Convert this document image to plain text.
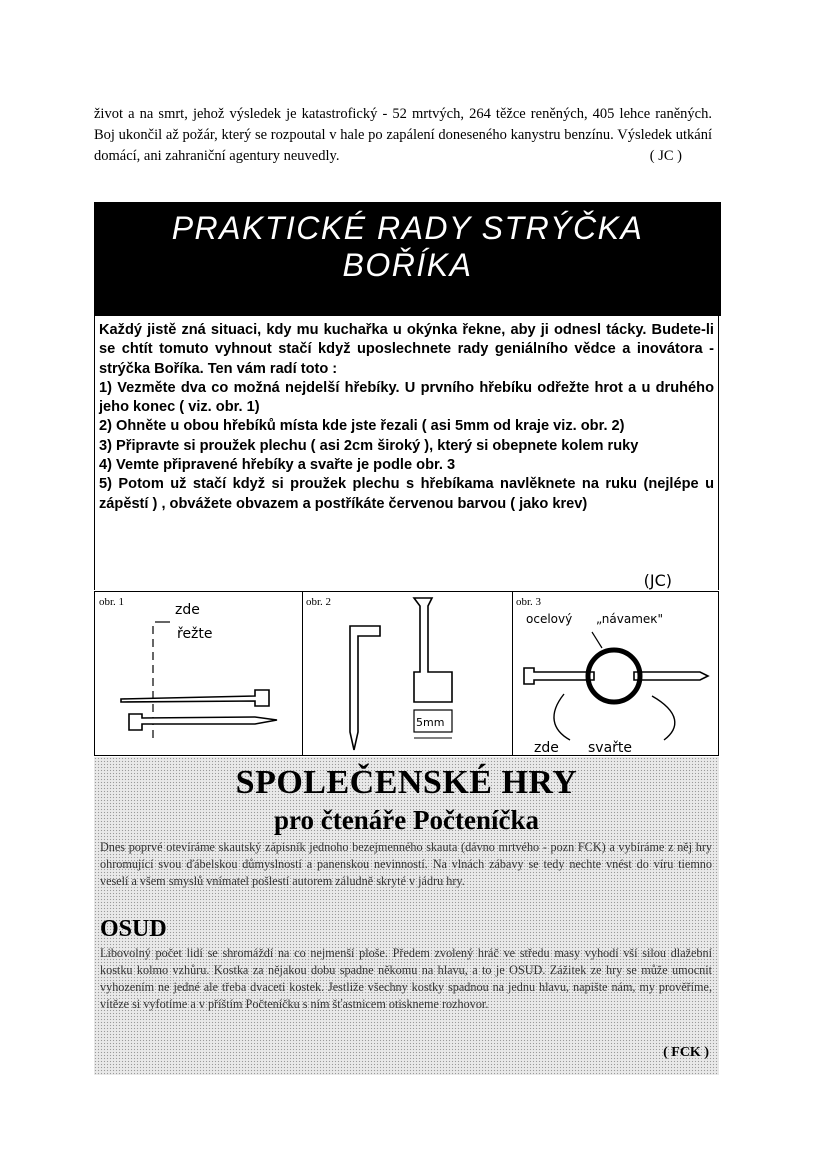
život a na smrt, jehož výsledek je katastrofický - 52 mrtvých, 264 těžce reněných, 405 lehce raněných. Boj ukončil až požár, který se rozpoutal v hale po zapálení doneseného kanystru benzínu. Výsledek utkání domácí, ani zahraniční agentury neuvedly.	( JC )
PRAKTICKÉ RADY STRÝČKA
BOŘÍKA

Každý jistě zná situaci, kdy mu kuchařka u okýnka řekne, aby ji odnesl tácky. Budete-li se chtít tomuto vyhnout stačí když uposlechnete rady geniálního vědce a inovátora - strýčka Boříka. Ten vám radí toto :

1) Vezměte dva co možná nejdelší hřebíky. U prvního hřebíku odřežte hrot a u druhého jeho konec ( viz. obr. 1)

2) Ohněte u obou hřebíků místa kde jste řezali ( asi 5mm od kraje viz. obr. 2)

3) Připravte si proužek plechu ( asi 2cm široký ), který si obepnete kolem ruky

4) Vemte připravené hřebíky a svařte je podle obr. 3

5) Potom už stačí když si proužek plechu s hřebíkama navlěknete na ruku (nejlépe u zápěstí ) , obvážete obvazem a postříkáte červenou barvou ( jako krev)

(JC)
obr. 1	zde
řežte
obr. 2
5mm
obr. 3
ocelový „návameк"
zde svařte
SPOLEČENSKÉ HRY
pro čtenáře Počteníčka
Dnes poprvé otevíráme skautský zápisník jednoho bezejmenného skauta (dávno mrtvého - pozn FCK) a vybíráme z něj hry ohromující svou ďábelskou důmyslností a panenskou nevinností. Na vlnách zábavy se tedy nechte vnést do víru tiemno veselí a všem smyslů vnímatel pošlestí autorem záludně skryté v jádru hry.
OSUD
Libovolný počet lidí se shromáždí na co nejmenší ploše. Předem zvolený hráč ve středu masy vyhodí vší silou dlažební kostku kolmo vzhůru. Kostka za nějakou dobu spadne někomu na hlavu, a to je OSUD. Zážitek ze hry se může umocnit vyhozením ne jedné ale třeba dvaceti kostek. Jestliže všechny kostky spadnou na jednu hlavu, napište nám, my prověříme, vítěze si vyfotíme a v příštím Počteníčku s ním šťastnicem otiskneme rozhovor.
( FCK )
